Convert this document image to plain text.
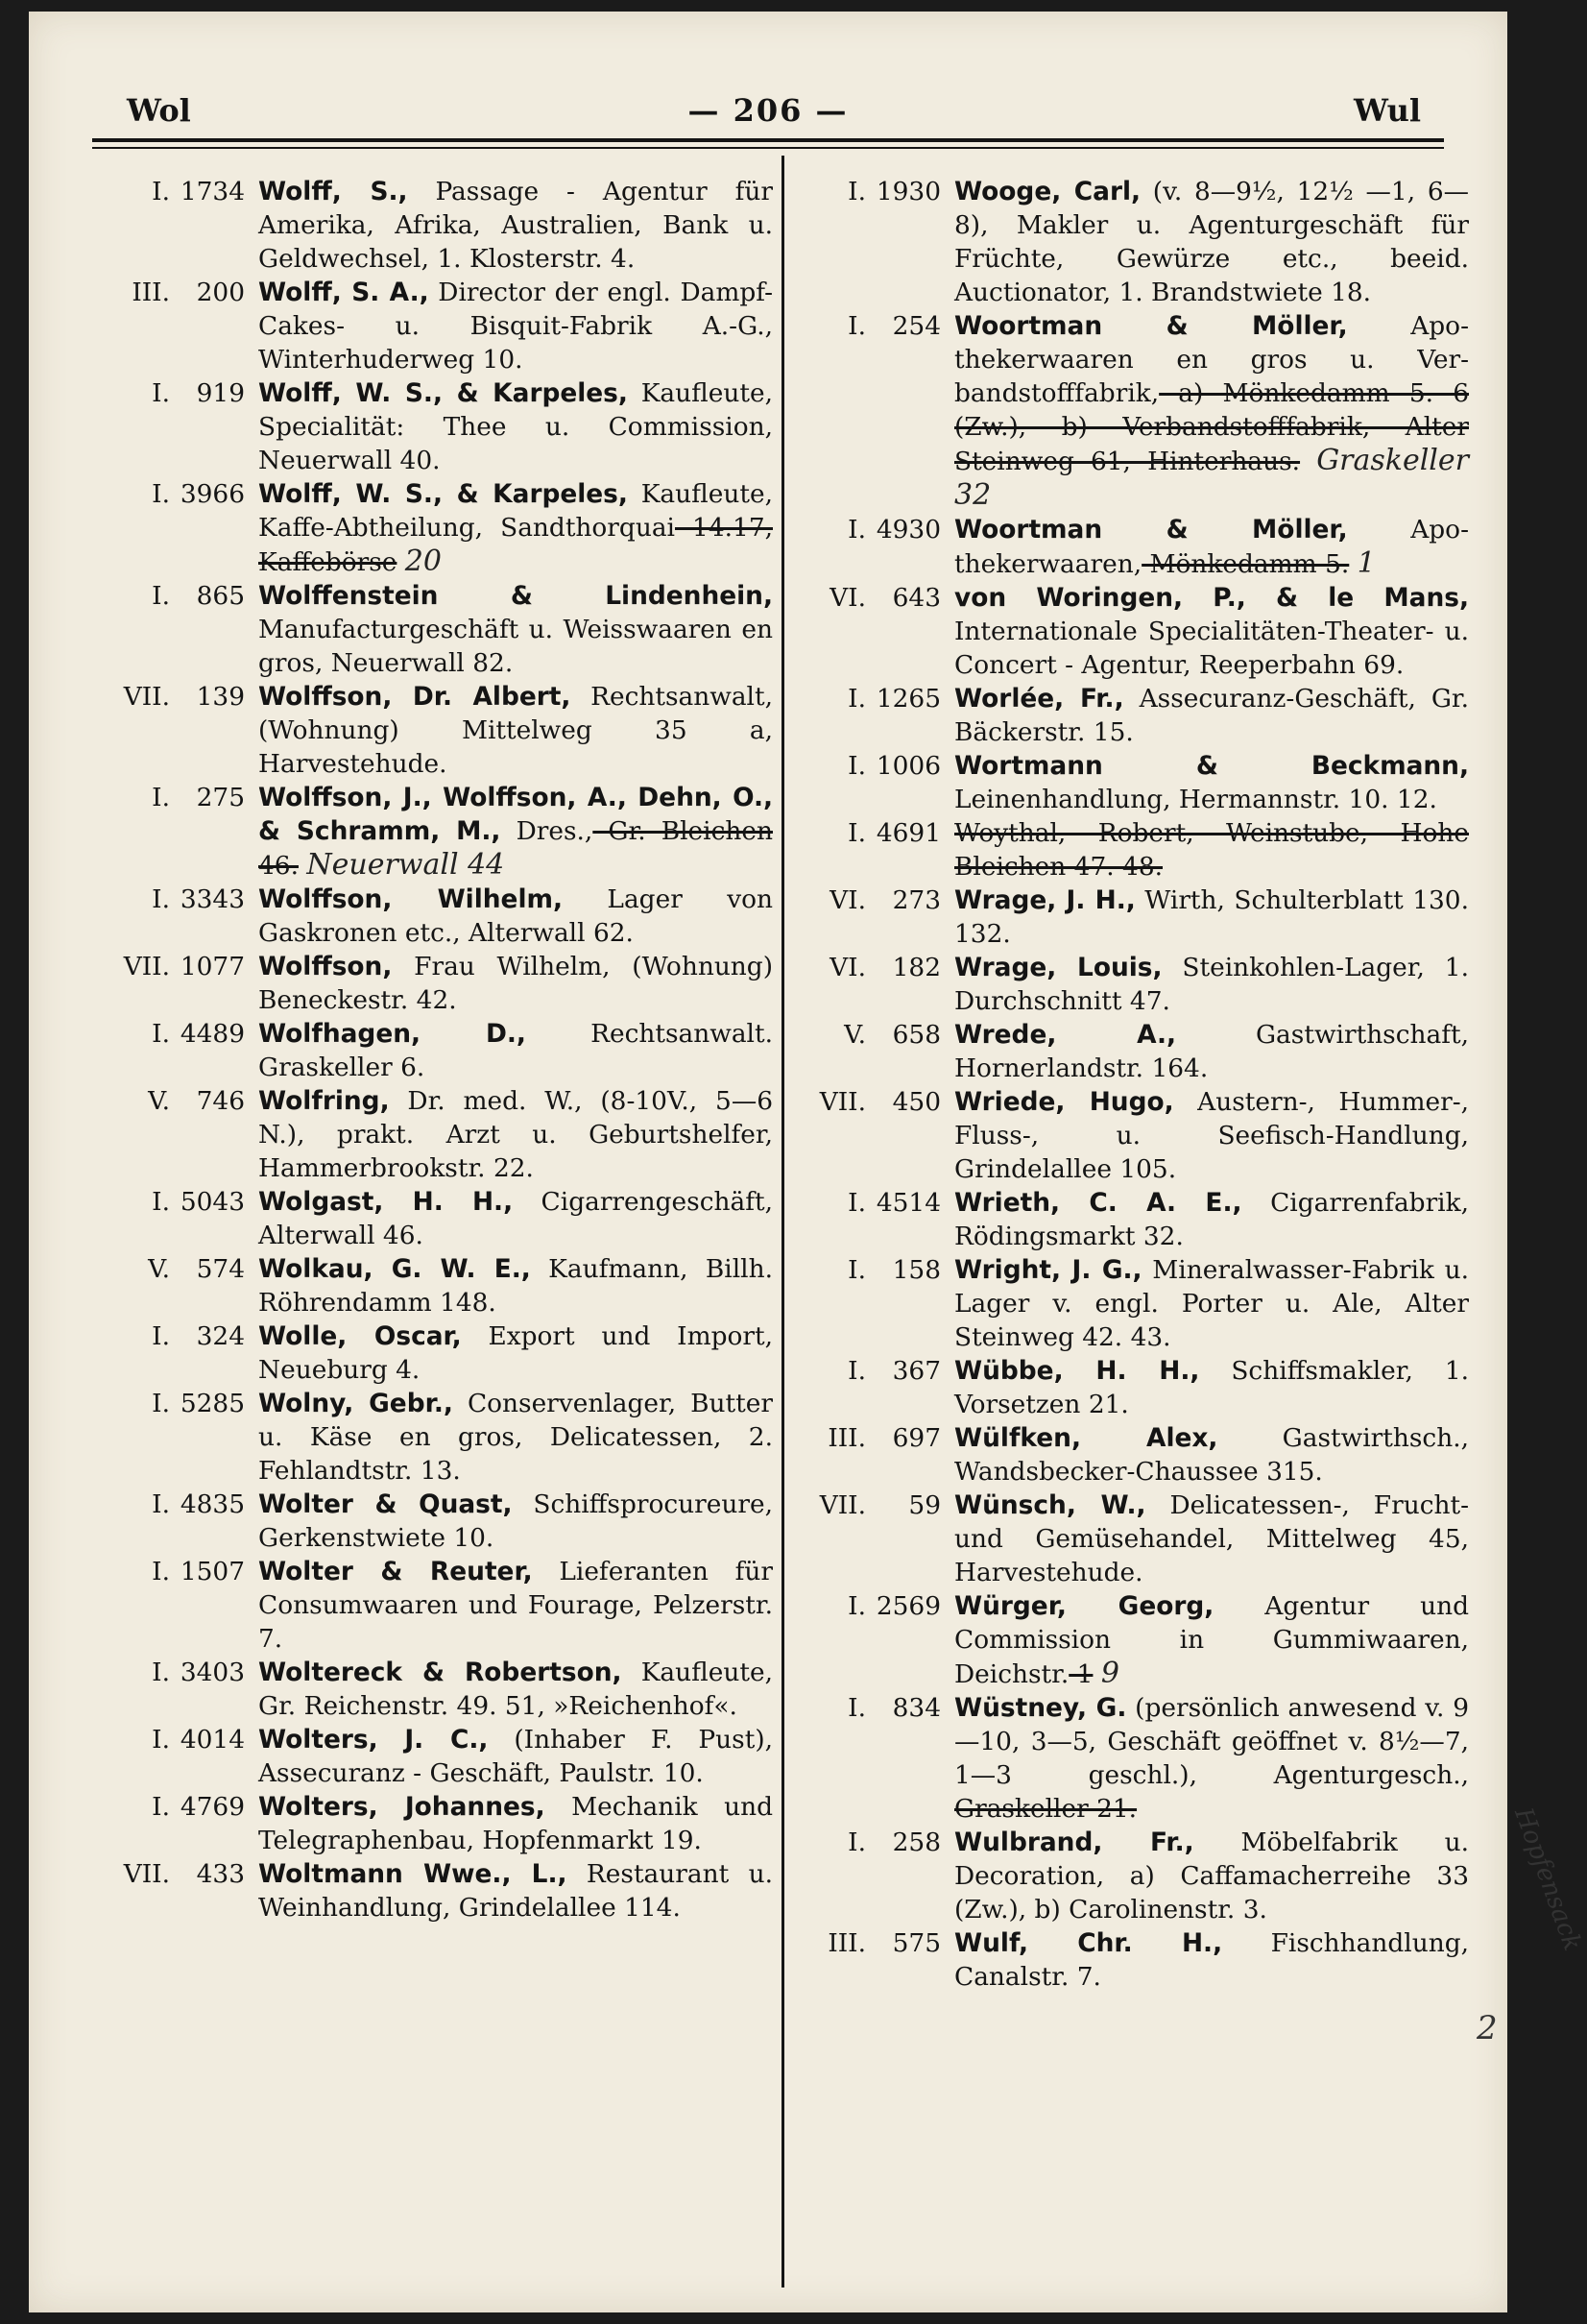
Wol	— 206 —	Wul
I. 1734 Wolff, S., Passage - Agentur für Amerika, Afrika, Australien, Bank u. Geldwechsel, 1. Klosterstr. 4.
III.	200 Wolff, S. A., Director der engl. Dampf-Cakes- u. Bisquit-Fabrik A.-G., Winterhuderweg 10.
I.	919 Wolff, W. S., & Karpeles, Kaufleute, Specialität: Thee u. Commission, Neuerwall 40.
I. 3966 Wolff, W. S., & Karpeles, Kaufleute, Kaffe-Abtheilung, Sandthorquai 14.17, Kaffebörse 20
I.	865 Wolffenstein & Lindenhein, Manufacturgeschäft u. Weisswaaren en gros, Neuerwall 82.
VII.	139 Wolffson, Dr. Albert, Rechtsanwalt, (Wohnung) Mittelweg 35 a, Harvestehude.
I.	275 Wolffson, J., Wolffson, A., Dehn, O., & Schramm, M., Dres., Gr. Bleichen 46. Neuerwall 44
I. 3343 Wolffson, Wilhelm, Lager von Gaskronen etc., Alterwall 62.
VII. 1077 Wolffson, Frau Wilhelm, (Wohnung) Beneckestr. 42.
I. 4489 Wolfhagen, D., Rechtsanwalt. Graskeller 6.
V.	746 Wolfring, Dr. med. W., (8-10V., 5—6 N.), prakt. Arzt u. Geburtshelfer, Hammerbrookstr. 22.
I. 5043 Wolgast, H. H., Cigarrengeschäft, Alterwall 46.
V.	574 Wolkau, G. W. E., Kaufmann, Billh. Röhrendamm 148.
I.	324 Wolle, Oscar, Export und Import, Neueburg 4.
I. 5285 Wolny, Gebr., Conservenlager, Butter u. Käse en gros, Delicatessen, 2. Fehlandtstr. 13.
I. 4835 Wolter & Quast, Schiffsprocureure, Gerkenstwiete 10.
I. 1507 Wolter & Reuter, Lieferanten für Consumwaaren und Fourage, Pelzerstr. 7.
I. 3403 Woltereck & Robertson, Kaufleute, Gr. Reichenstr. 49. 51, »Reichenhof«.
I. 4014 Wolters, J. C., (Inhaber F. Pust), Assecuranz - Geschäft, Paulstr. 10.
I. 4769 Wolters, Johannes, Mechanik und Telegraphenbau, Hopfenmarkt 19.
VII.	433 Woltmann Wwe., L., Restaurant u. Weinhandlung, Grindelallee 114.
I. 1930 Wooge, Carl, (v. 8—9½, 12½ —1, 6—8), Makler u. Agenturgeschäft für Früchte, Gewürze etc., beeid. Auctionator, 1. Brandstwiete 18.
I.	254 Woortman & Möller, Apothekerwaaren en gros u. Verbandstofffabrik, a) Mönkedamm 5. 6 (Zw.), b) Verbandstofffabrik, Alter Steinweg 61, Hinterhaus. Graskeller 32
I. 4930 Woortman & Möller, Apothekerwaaren, Mönkedamm 5. 1
VI.	643 von Woringen, P., & le Mans, Internationale Specialitäten-Theater- u. Concert - Agentur, Reeperbahn 69.
I. 1265 Worlée, Fr., Assecuranz-Geschäft, Gr. Bäckerstr. 15.
I. 1006 Wortmann & Beckmann, Leinenhandlung, Hermannstr. 10. 12.
I. 4691 Woythal, Robert, Weinstube, Hohe Bleichen 47. 48.
VI.	273 Wrage, J. H., Wirth, Schulterblatt 130. 132.
VI.	182 Wrage, Louis, Steinkohlen-Lager, 1. Durchschnitt 47.
V.	658 Wrede, A., Gastwirthschaft, Hornerlandstr. 164.
VII.	450 Wriede, Hugo, Austern-, Hummer-, Fluss-, u. Seefisch-Handlung, Grindelallee 105.
I. 4514 Wrieth, C. A. E., Cigarrenfabrik, Rödingsmarkt 32.
I.	158 Wright, J. G., Mineralwasser-Fabrik u. Lager v. engl. Porter u. Ale, Alter Steinweg 42. 43.
I.	367 Wübbe, H. H., Schiffsmakler, 1. Vorsetzen 21.
III.	697 Wülfken, Alex, Gastwirthsch., Wandsbecker-Chaussee 315.
VII.	59 Wünsch, W., Delicatessen-, Frucht- und Gemüsehandel, Mittelweg 45, Harvestehude.
I. 2569 Würger, Georg, Agentur und Commission in Gummiwaaren, Deichstr. 1 9
I.	834 Wüstney, G. (persönlich anwesend v. 9—10, 3—5, Geschäft geöffnet v. 8½—7, 1—3 geschl.), Agenturgesch., Graskeller 21.
I.	258 Wulbrand, Fr., Möbelfabrik u. Decoration, a) Caffamacherreihe 33 (Zw.), b) Carolinenstr. 3.
III.	575 Wulf, Chr. H., Fischhandlung, Canalstr. 7.
Hopfensack
2
